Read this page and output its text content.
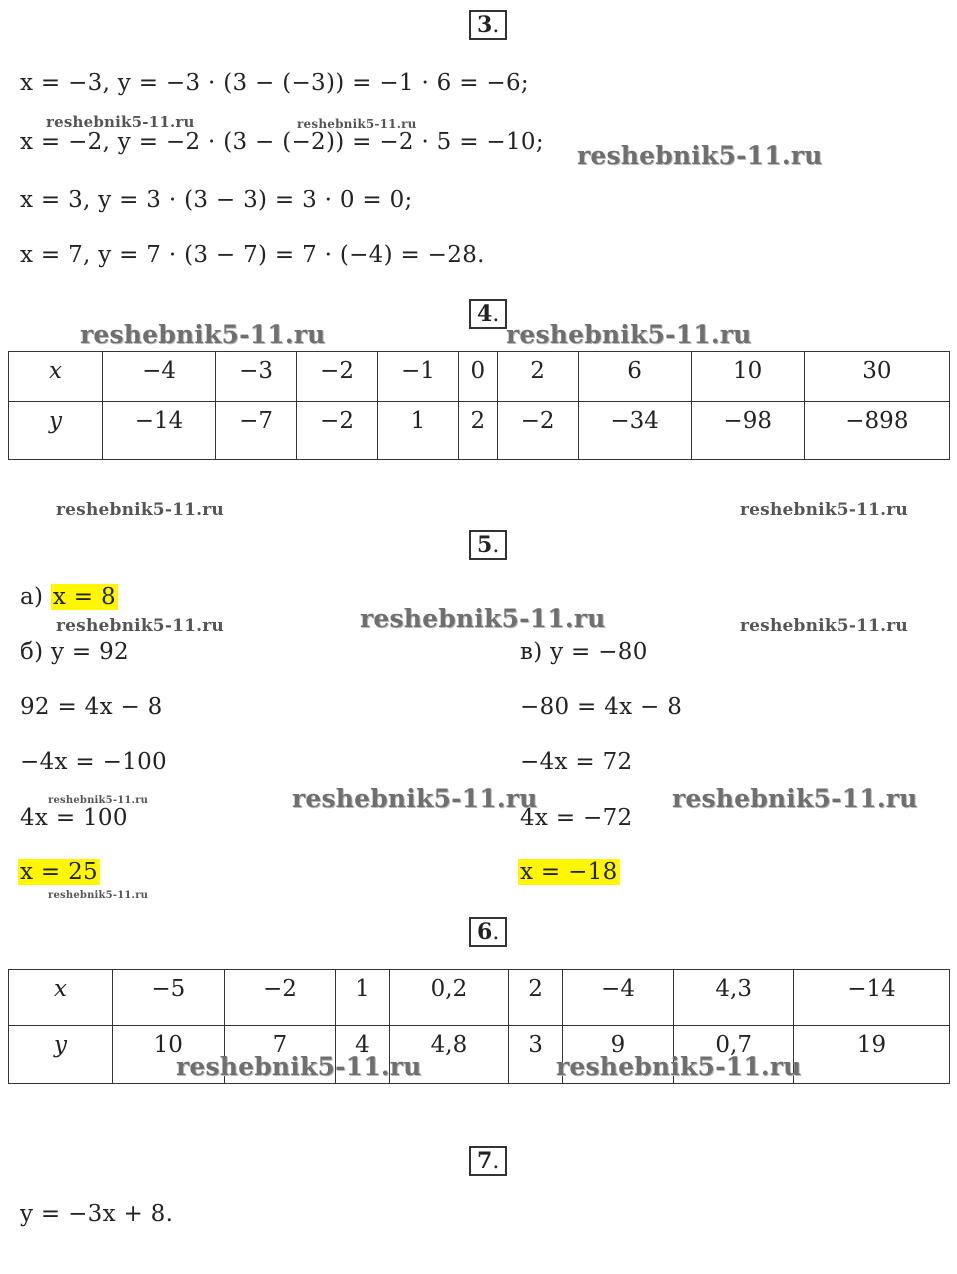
3.
x = −3, y = −3 · (3 − (−3)) = −1 · 6 = −6;
x = −2, y = −2 · (3 − (−2)) = −2 · 5 = −10;
x = 3, y = 3 · (3 − 3) = 3 · 0 = 0;
x = 7, y = 7 · (3 − 7) = 7 · (−4) = −28.
4.
x	−4	−3	−2	−1	0	2	6	10	30
y	−14	−7	−2	1	2	−2	−34	−98	−898
5.
а) x = 8
б) y = 92
92 = 4x − 8
−4x = −100
4x = 100
x = 25
в) y = −80
−80 = 4x − 8
−4x = 72
4x = −72
x = −18
6.
x	−5	−2	1	0,2	2	−4	4,3	−14
y	10	7	4	4,8	3	9	0,7	19
7.
y = −3x + 8.
reshebnik5-11.ru	reshebnik5-11.ru
reshebnik5-11.ru
reshebnik5-11.ru	reshebnik5-11.ru
reshebnik5-11.ru	reshebnik5-11.ru
reshebnik5-11.ru
reshebnik5-11.ru	reshebnik5-11.ru
reshebnik5-11.ru	reshebnik5-11.ru	reshebnik5-11.ru
reshebnik5-11.ru
reshebnik5-11.ru	reshebnik5-11.ru
